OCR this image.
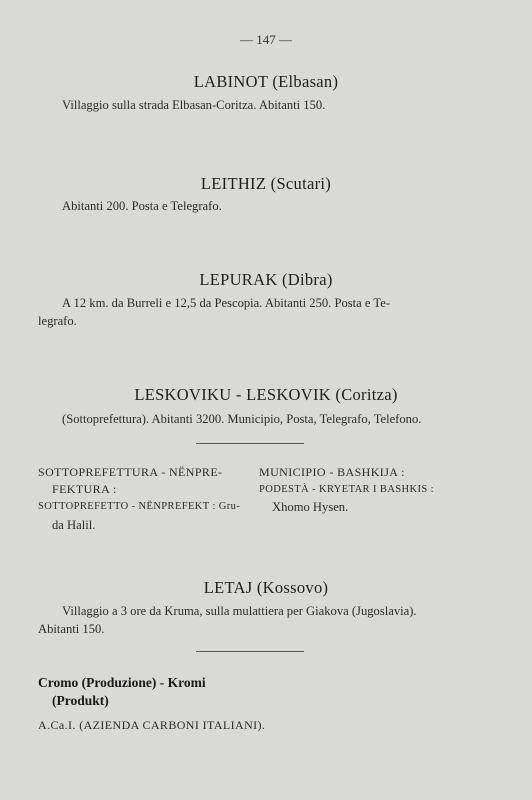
— 147 —
LABINOT (Elbasan)
Villaggio sulla strada Elbasan-Coritza. Abitanti 150.
LEITHIZ (Scutari)
Abitanti 200. Posta e Telegrafo.
LEPURAK (Dibra)
A 12 km. da Burreli e 12,5 da Pescopia. Abitanti 250. Posta e Te-
legrafo.
LESKOVIKU - LESKOVIK (Coritza)
(Sottoprefettura). Abitanti 3200. Municipio, Posta, Telegrafo, Telefono.
SOTTOPREFETTURA - NËNPRE-
FEKTURA :
SOTTOPREFETTO - NËNPREFEKT : Gru-
da Halil.
MUNICIPIO - BASHKIJA :
PODESTÀ - KRYETAR I BASHKIS :
Xhomo Hysen.
LETAJ (Kossovo)
Villaggio a 3 ore da Kruma, sulla mulattiera per Giakova (Jugoslavia).
Abitanti 150.
Cromo (Produzione) - Kromi
(Produkt)
A.Ca.I. (AZIENDA CARBONI ITALIANI).
